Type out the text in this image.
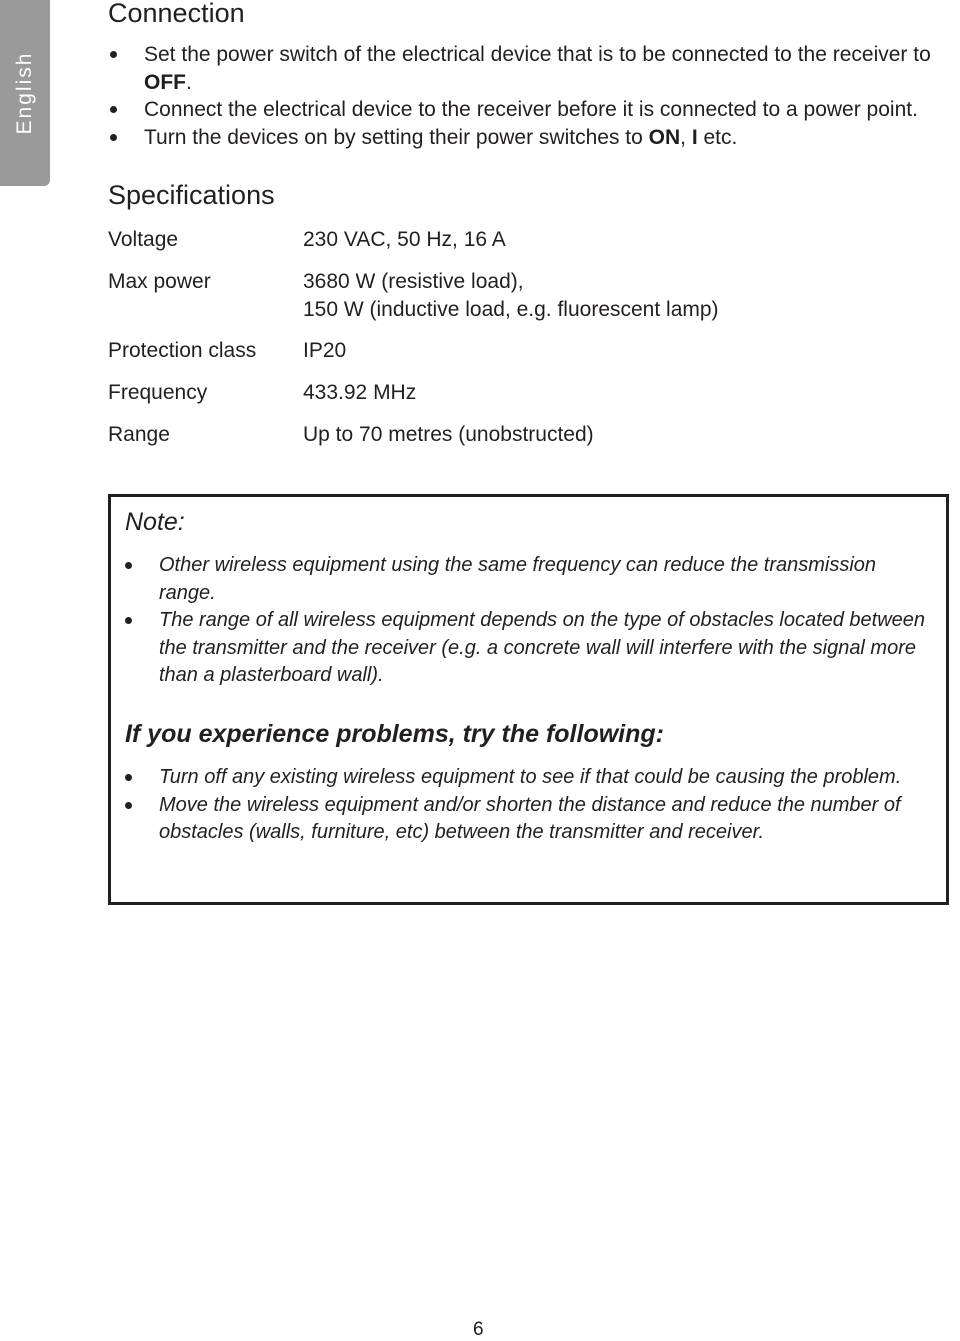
English
Connection
Set the power switch of the electrical device that is to be connected to the receiver to OFF.
Connect the electrical device to the receiver before it is connected to a power point.
Turn the devices on by setting their power switches to ON, I etc.
Specifications
Voltage	230 VAC, 50 Hz, 16 A
Max power	3680 W (resistive load),
150 W (inductive load, e.g. fluorescent lamp)
Protection class	IP20
Frequency	433.92 MHz
Range	Up to 70 metres (unobstructed)
Note:
Other wireless equipment using the same frequency can reduce the transmission range.
The range of all wireless equipment depends on the type of obstacles located between the transmitter and the receiver (e.g. a concrete wall will interfere with the signal more than a plasterboard wall).
If you experience problems, try the following:
Turn off any existing wireless equipment to see if that could be causing the problem.
Move the wireless equipment and/or shorten the distance and reduce the number of obstacles (walls, furniture, etc) between the transmitter and receiver.
6
